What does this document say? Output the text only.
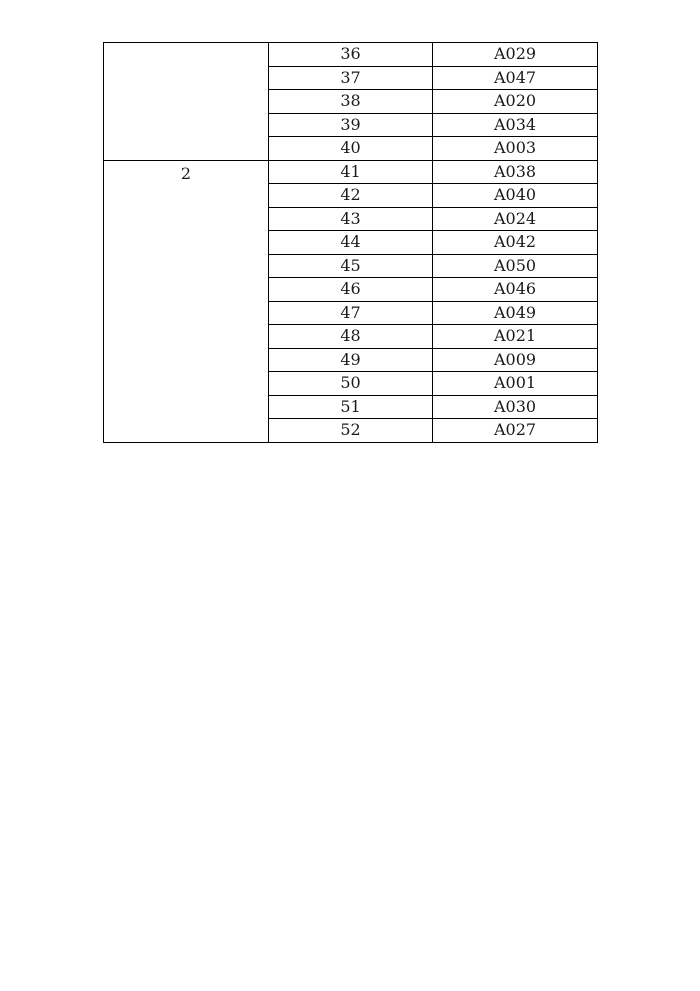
	36	A029
	37	A047
	38	A020
	39	A034
	40	A003

2	41	A038
	42	A040
	43	A024
	44	A042
	45	A050
	46	A046
	47	A049
	48	A021
	49	A009
	50	A001
	51	A030
	52	A027
